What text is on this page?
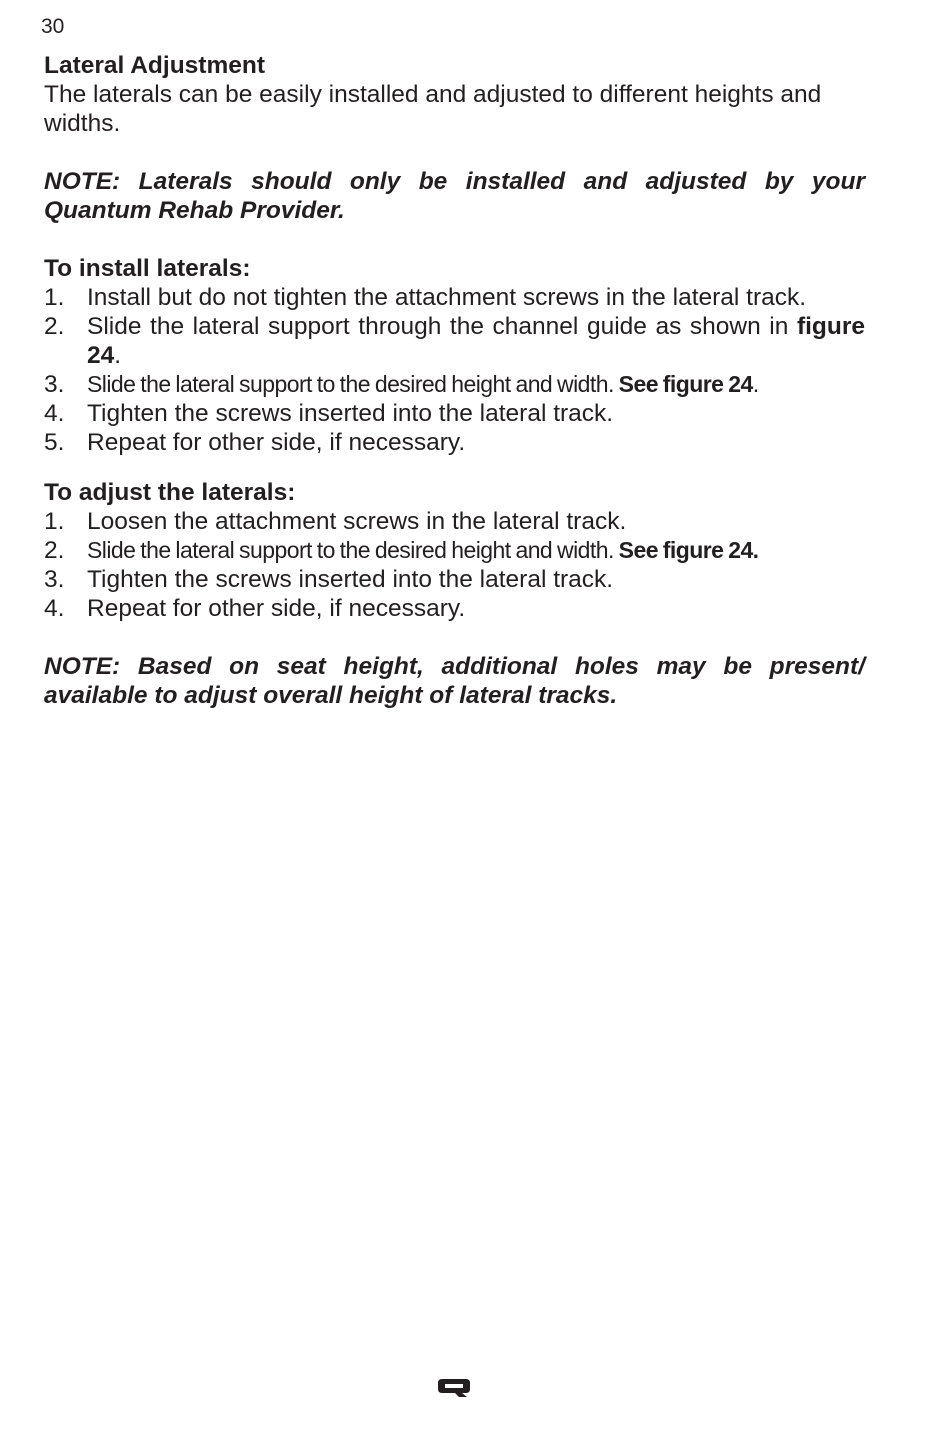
30

Lateral Adjustment

The laterals can be easily installed and adjusted to different heights and widths.

NOTE: Laterals should only be installed and adjusted by your Quantum Rehab Provider.

To install laterals:

1. Install but do not tighten the attachment screws in the lateral track.
2. Slide the lateral support through the channel guide as shown in figure 24.
3. Slide the lateral support to the desired height and width. See figure 24.
4. Tighten the screws inserted into the lateral track.
5. Repeat for other side, if necessary.

To adjust the laterals:

1. Loosen the attachment screws in the lateral track.
2. Slide the lateral support to the desired height and width. See figure 24.
3. Tighten the screws inserted into the lateral track.
4. Repeat for other side, if necessary.

NOTE: Based on seat height, additional holes may be present/ available to adjust overall height of lateral tracks.
